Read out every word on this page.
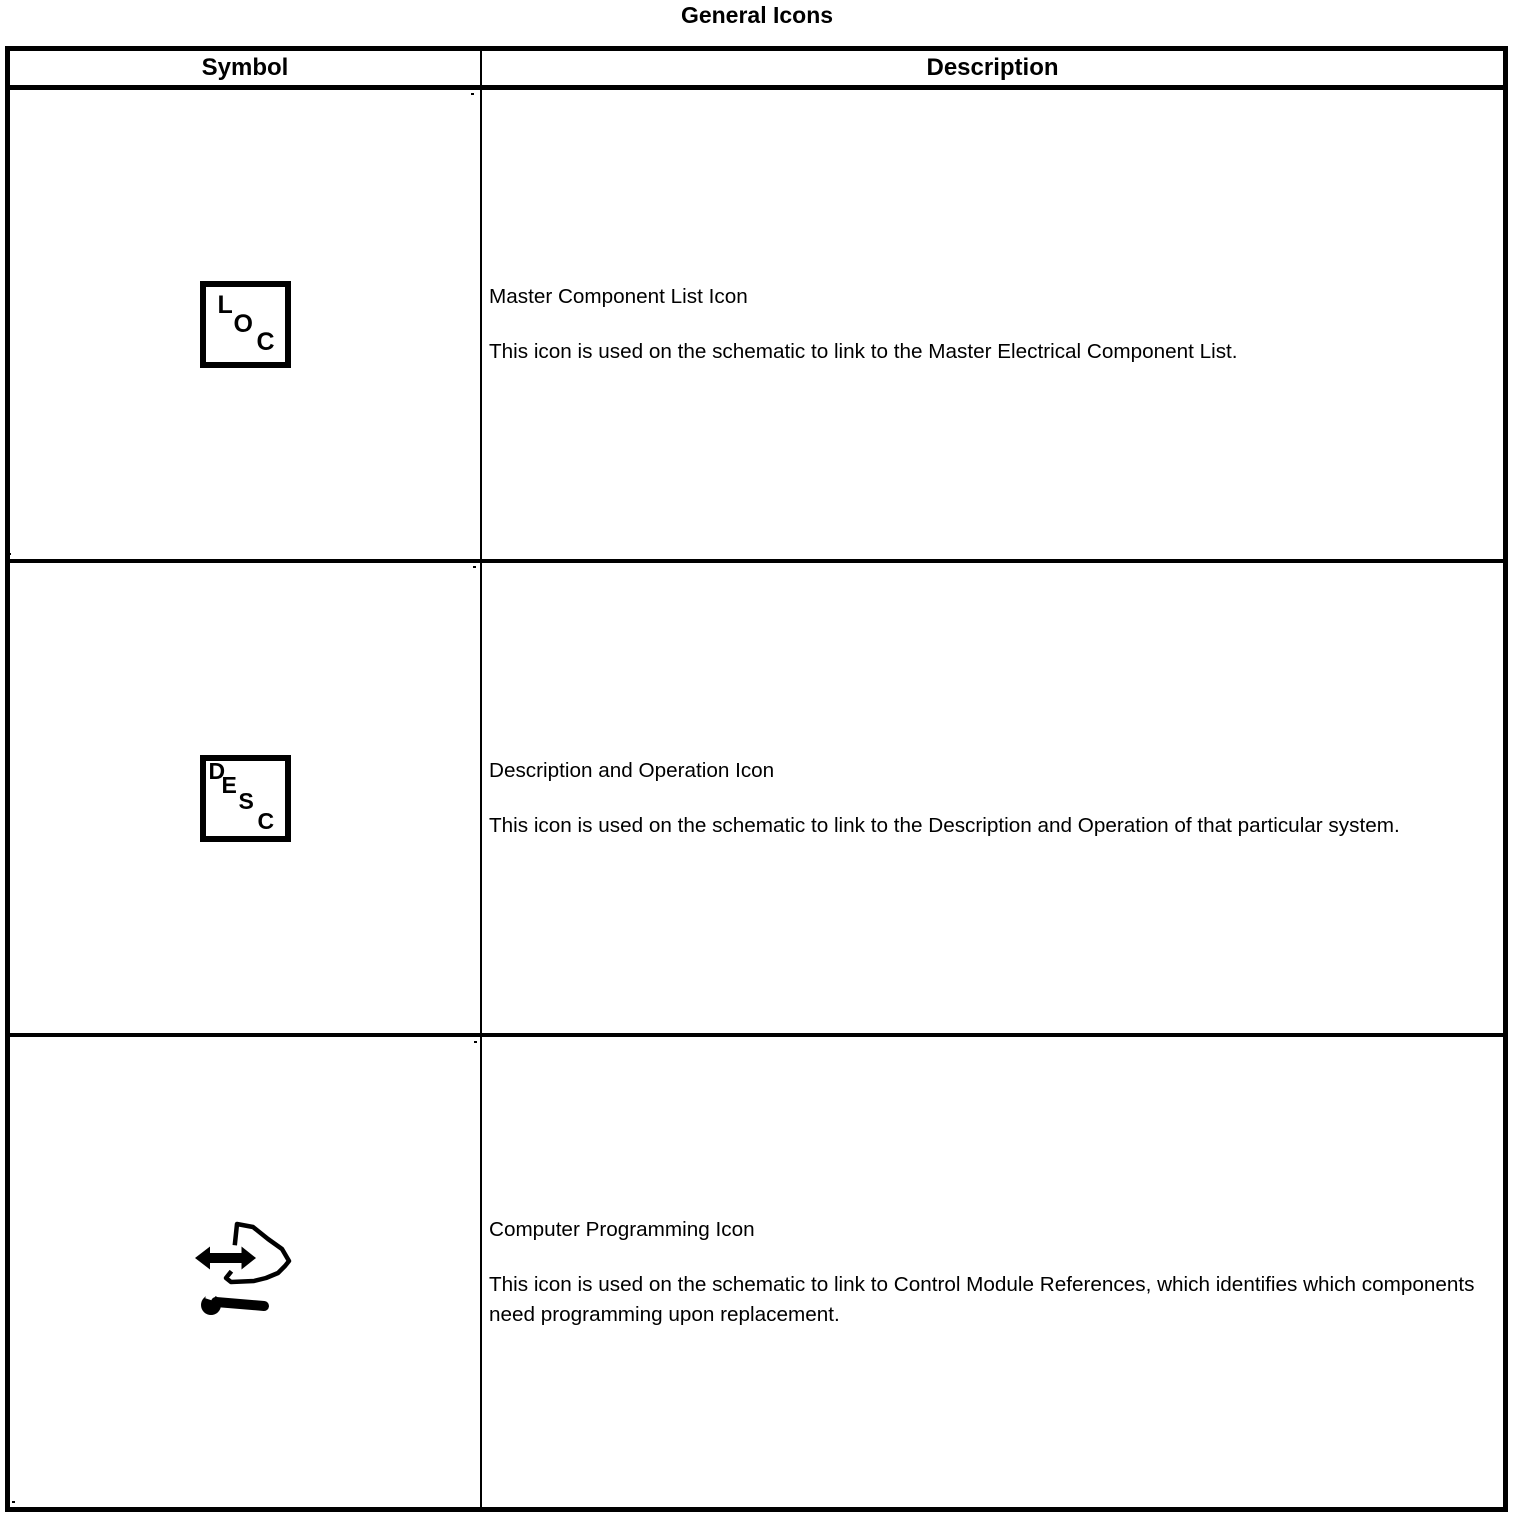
General Icons
Symbol	Description
L
O
C

Master Component List Icon

This icon is used on the schematic to link to the Master Electrical Component List.

D
E
S
C

Description and Operation Icon

This icon is used on the schematic to link to the Description and Operation of that particular system.

Computer Programming Icon

This icon is used on the schematic to link to Control Module References, which identifies which components need programming upon replacement.
